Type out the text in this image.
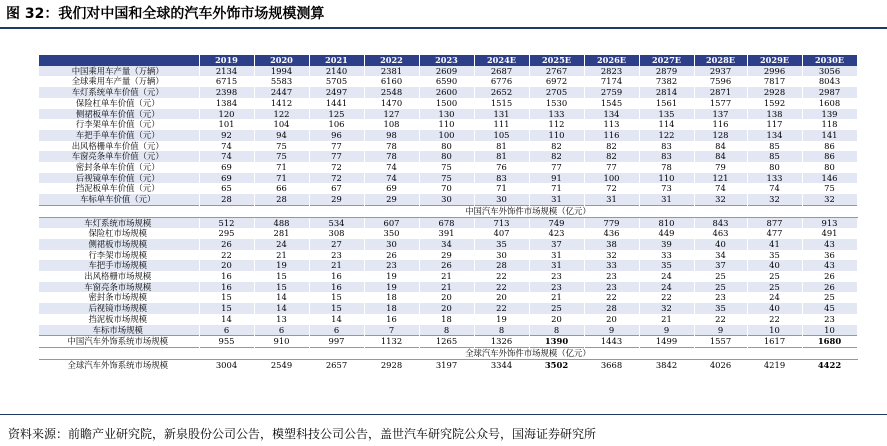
图 32：我们对中国和全球的汽车外饰市场规模测算
	2019	2020	2021	2022	2023	2024E	2025E	2026E	2027E	2028E	2029E	2030E
中国乘用车产量（万辆）	2134	1994	2140	2381	2609	2687	2767	2823	2879	2937	2996	3056
全球乘用车产量（万辆）	6715	5583	5705	6160	6590	6776	6972	7174	7382	7596	7817	8043
车灯系统单车价值（元）	2398	2447	2497	2548	2600	2652	2705	2759	2814	2871	2928	2987
保险杠单车价值（元）	1384	1412	1441	1470	1500	1515	1530	1545	1561	1577	1592	1608
侧裙板单车价值（元）	120	122	125	127	130	131	133	134	135	137	138	139
行李架单车价值（元）	101	104	106	108	110	111	112	113	114	116	117	118
车把手单车价值（元）	92	94	96	98	100	105	110	116	122	128	134	141
出风格栅单车价值（元）	74	75	77	78	80	81	82	82	83	84	85	86
车窗亮条单车价值（元）	74	75	77	78	80	81	82	82	83	84	85	86
密封条单车价值（元）	69	71	72	74	75	76	77	77	78	79	80	80
后视镜单车价值（元）	69	71	72	74	75	83	91	100	110	121	133	146
挡泥板单车价值（元）	65	66	67	69	70	71	71	72	73	74	74	75
车标单车价值（元）	28	28	29	29	30	30	31	31	31	32	32	32
	中国汽车外饰件市场规模（亿元）											
车灯系统市场规模	512	488	534	607	678	713	749	779	810	843	877	913
保险杠市场规模	295	281	308	350	391	407	423	436	449	463	477	491
侧裙板市场规模	26	24	27	30	34	35	37	38	39	40	41	43
行李架市场规模	22	21	23	26	29	30	31	32	33	34	35	36
车把手市场规模	20	19	21	23	26	28	31	33	35	37	40	43
出风格栅市场规模	16	15	16	19	21	22	23	23	24	25	25	26
车窗亮条市场规模	16	15	16	19	21	22	23	23	24	25	25	26
密封条市场规模	15	14	15	18	20	20	21	22	22	23	24	25
后视镜市场规模	15	14	15	18	20	22	25	28	32	35	40	45
挡泥板市场规模	14	13	14	16	18	19	20	20	21	22	22	23
车标市场规模	6	6	6	7	8	8	8	9	9	9	10	10
中国汽车外饰系统市场规模	955	910	997	1132	1265	1326	1390	1443	1499	1557	1617	1680
	全球汽车外饰件市场规模（亿元）											
全球汽车外饰系统市场规模	3004	2549	2657	2928	3197	3344	3502	3668	3842	4026	4219	4422
资料来源：前瞻产业研究院，新泉股份公司公告，模塑科技公司公告，盖世汽车研究院公众号，国海证券研究所
